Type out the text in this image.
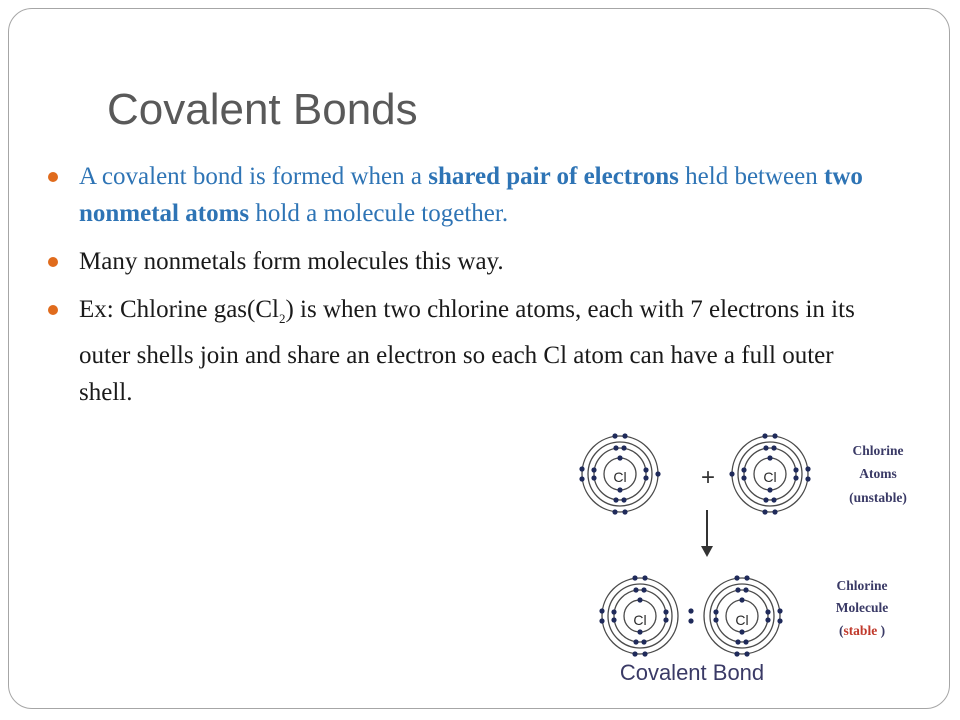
Covalent Bonds
A covalent bond is formed when a shared pair of electrons held between two nonmetal atoms hold a molecule together.
Many nonmetals form molecules this way.
Ex: Chlorine $gas(Cl_2)$ is when two chlorine atoms, each with 7 electrons in its outer shells join and share an electron so each Cl atom can have a full outer shell.
Cl	Cl
Cl	Cl
+
Chlorine
Atoms
(unstable)
Chlorine
Molecule
(stable )
Covalent Bond
